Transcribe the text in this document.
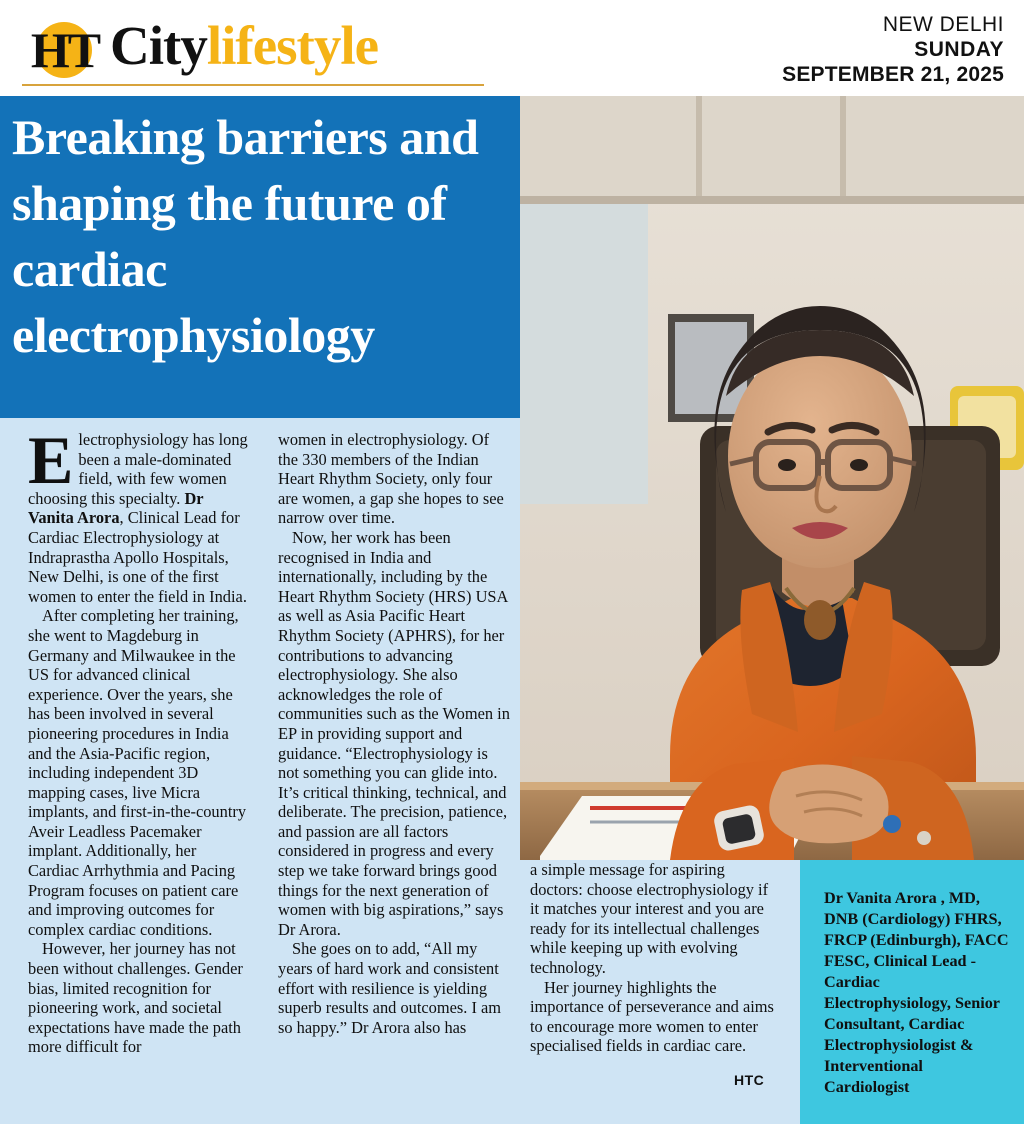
HT Citylifestyle	NEW DELHI
SUNDAY
SEPTEMBER 21, 2025
Breaking barriers and shaping the future of cardiac electrophysiology

Electrophysiology has long been a male-dominated field, with few women choosing this specialty. Dr Vanita Arora, Clinical Lead for Cardiac Electrophysiology at Indraprastha Apollo Hospitals, New Delhi, is one of the first women to enter the field in India.

After completing her training, she went to Magdeburg in Germany and Milwaukee in the US for advanced clinical experience. Over the years, she has been involved in several pioneering procedures in India and the Asia-Pacific region, including independent 3D mapping cases, live Micra implants, and first-in-the-country Aveir Leadless Pacemaker implant. Additionally, her Cardiac Arrhythmia and Pacing Program focuses on patient care and improving outcomes for complex cardiac conditions.

However, her journey has not been without challenges. Gender bias, limited recognition for pioneering work, and societal expectations have made the path more difficult for

women in electrophysiology. Of the 330 members of the Indian Heart Rhythm Society, only four are women, a gap she hopes to see narrow over time.

Now, her work has been recognised in India and internationally, including by the Heart Rhythm Society (HRS) USA as well as Asia Pacific Heart Rhythm Society (APHRS), for her contributions to advancing electrophysiology. She also acknowledges the role of communities such as the Women in EP in providing support and guidance. “Electrophysiology is not something you can glide into. It’s critical thinking, technical, and deliberate. The precision, patience, and passion are all factors considered in progress and every step we take forward brings good things for the next generation of women with big aspirations,” says Dr Arora.

She goes on to add, “All my years of hard work and consistent effort with resilience is yielding superb results and outcomes. I am so happy.” Dr Arora also has

a simple message for aspiring doctors: choose electrophysiology if it matches your interest and you are ready for its intellectual challenges while keeping up with evolving technology.

Her journey highlights the importance of perseverance and aims to encourage more women to enter specialised fields in cardiac care.

HTC
Dr Vanita Arora , MD, DNB (Cardiology) FHRS, FRCP (Edinburgh), FACC FESC, Clinical Lead - Cardiac Electrophysiology, Senior Consultant, Cardiac Electrophysiologist & Interventional Cardiologist
